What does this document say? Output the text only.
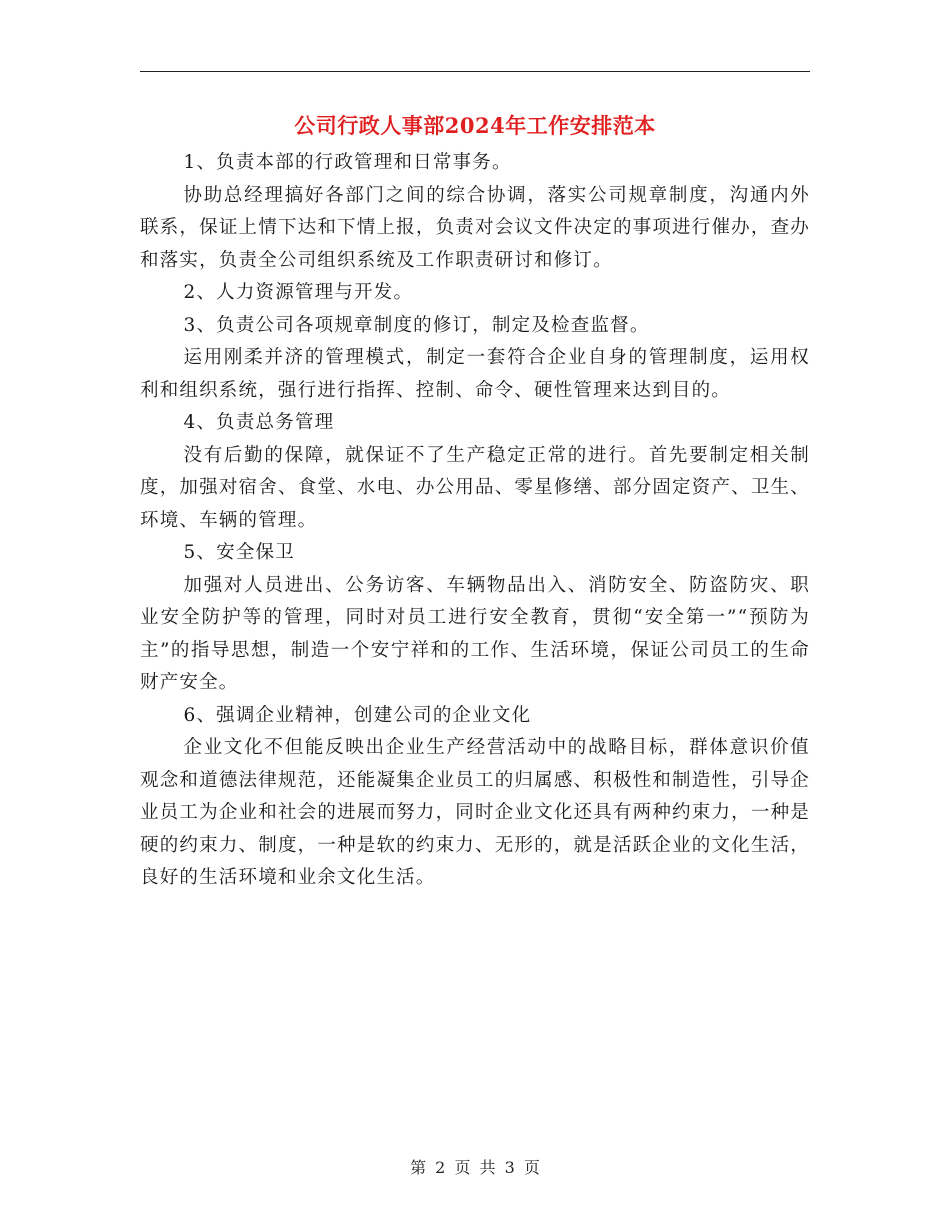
公司行政人事部2024年工作安排范本

1、负责本部的行政管理和日常事务。

协助总经理搞好各部门之间的综合协调，落实公司规章制度，沟通内外联系，保证上情下达和下情上报，负责对会议文件决定的事项进行催办，查办和落实，负责全公司组织系统及工作职责研讨和修订。

2、人力资源管理与开发。

3、负责公司各项规章制度的修订，制定及检查监督。

运用刚柔并济的管理模式，制定一套符合企业自身的管理制度，运用权利和组织系统，强行进行指挥、控制、命令、硬性管理来达到目的。

4、负责总务管理

没有后勤的保障，就保证不了生产稳定正常的进行。首先要制定相关制度，加强对宿舍、食堂、水电、办公用品、零星修缮、部分固定资产、卫生、环境、车辆的管理。

5、安全保卫

加强对人员进出、公务访客、车辆物品出入、消防安全、防盗防灾、职业安全防护等的管理，同时对员工进行安全教育，贯彻“安全第一”“预防为主”的指导思想，制造一个安宁祥和的工作、生活环境，保证公司员工的生命财产安全。

6、强调企业精神，创建公司的企业文化

企业文化不但能反映出企业生产经营活动中的战略目标，群体意识价值观念和道德法律规范，还能凝集企业员工的归属感、积极性和制造性，引导企业员工为企业和社会的进展而努力，同时企业文化还具有两种约束力，一种是硬的约束力、制度，一种是软的约束力、无形的，就是活跃企业的文化生活，良好的生活环境和业余文化生活。

第 2 页 共 3 页
